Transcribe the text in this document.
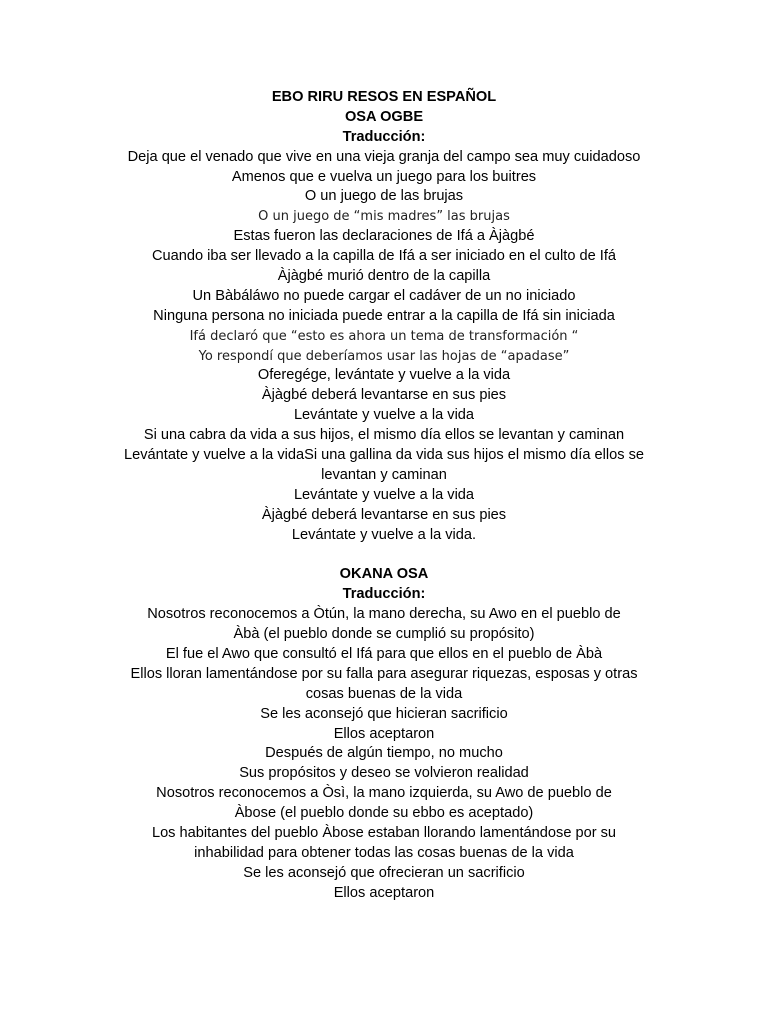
EBO RIRU RESOS EN ESPAÑOL
OSA OGBE
Traducción:
Deja que el venado que vive en una vieja granja del campo sea muy cuidadoso
Amenos que e vuelva un juego para los buitres
O un juego de las brujas
O un juego de “mis madres” las brujas
Estas fueron las declaraciones de Ifá a Àjàgbé
Cuando iba ser llevado a la capilla de Ifá a ser iniciado en el culto de Ifá
Àjàgbé murió dentro de la capilla
Un Bàbáláwo no puede cargar el cadáver de un no iniciado
Ninguna persona no iniciada puede entrar a la capilla de Ifá sin iniciada
Ifá declaró que “esto es ahora un tema de transformación “
Yo respondí que deberíamos usar las hojas de “apadase”
Oferegége, levántate y vuelve a la vida
Àjàgbé deberá levantarse en sus pies
Levántate y vuelve a la vida
Si una cabra da vida a sus hijos, el mismo día ellos se levantan y caminan
Levántate y vuelve a la vidaSi una gallina da vida sus hijos el mismo día ellos se
levantan y caminan
Levántate y vuelve a la vida
Àjàgbé deberá levantarse en sus pies
Levántate y vuelve a la vida.
OKANA OSA
Traducción:
Nosotros reconocemos a Òtún, la mano derecha, su Awo en el pueblo de
Àbà (el pueblo donde se cumplió su propósito)
El fue el Awo que consultó el Ifá para que ellos en el pueblo de Àbà
Ellos lloran lamentándose por su falla para asegurar riquezas, esposas y otras
cosas buenas de la vida
Se les aconsejó que hicieran sacrificio
Ellos aceptaron
Después de algún tiempo, no mucho
Sus propósitos y deseo se volvieron realidad
Nosotros reconocemos a Òsì, la mano izquierda, su Awo de pueblo de
Àbose (el pueblo donde su ebbo es aceptado)
Los habitantes del pueblo Àbose estaban llorando lamentándose por su
inhabilidad para obtener todas las cosas buenas de la vida
Se les aconsejó que ofrecieran un sacrificio
Ellos aceptaron
